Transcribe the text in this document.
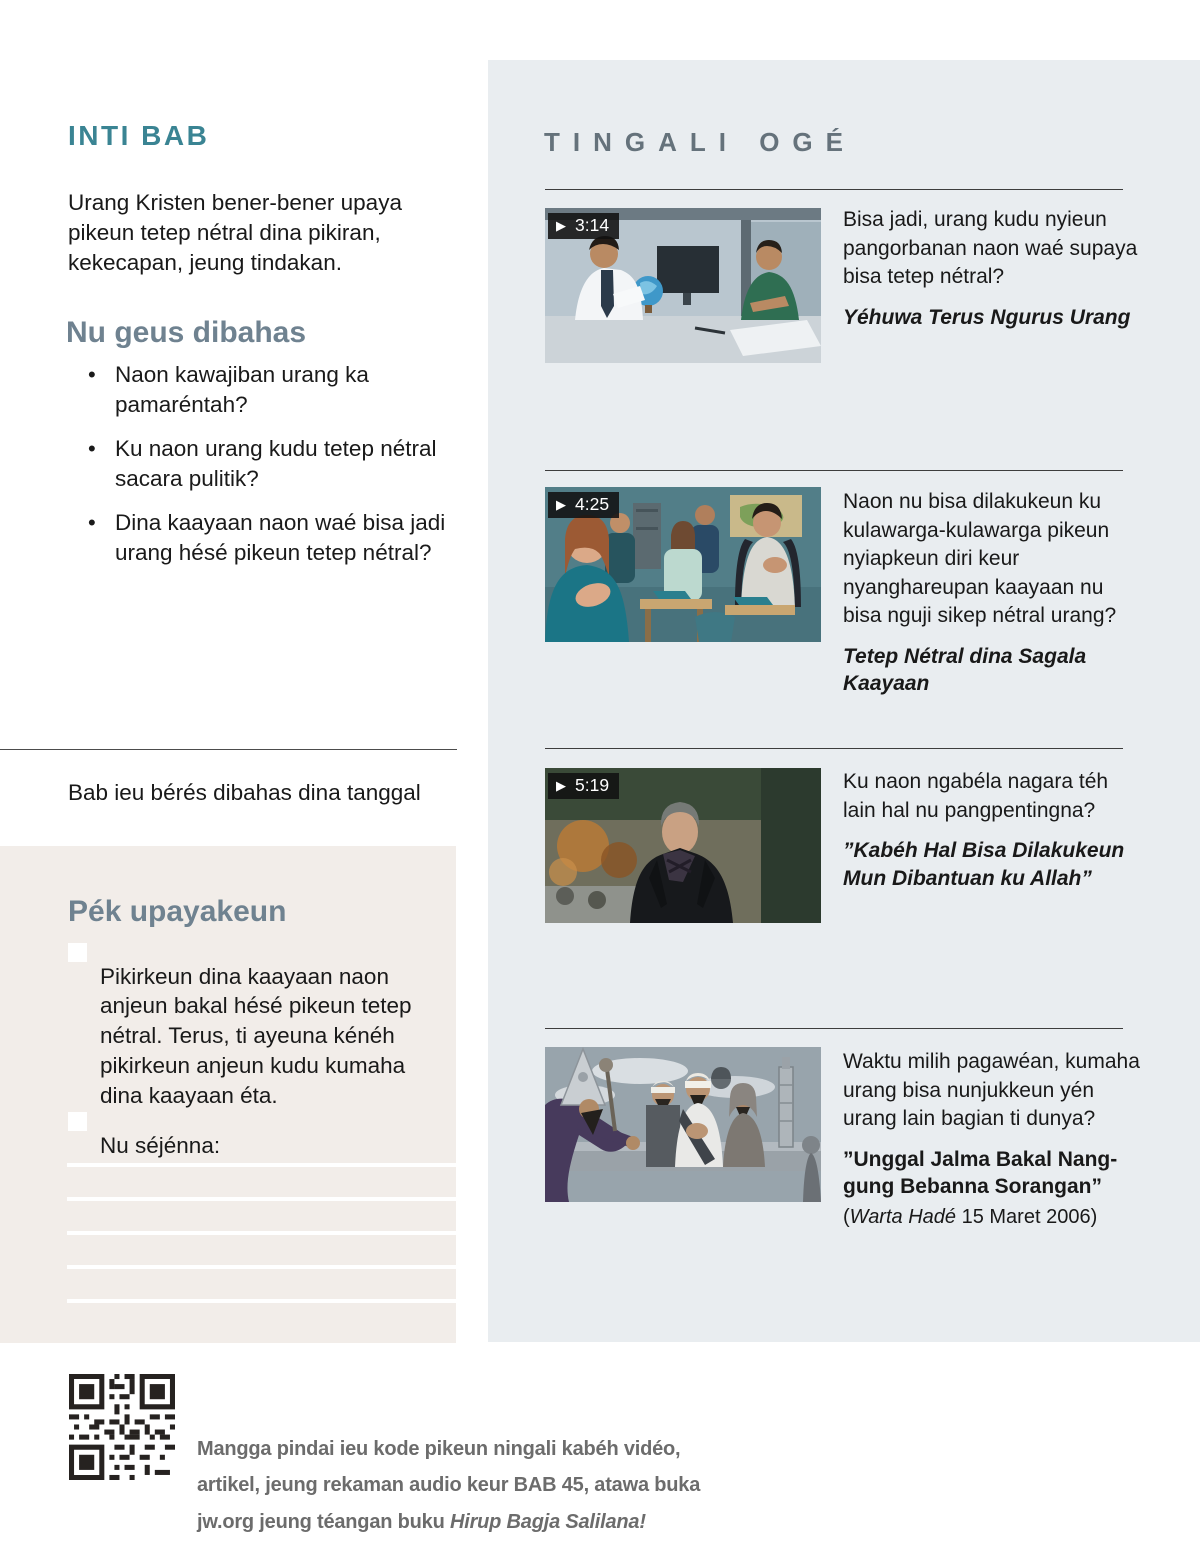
INTI BAB

Urang Kristen bener-bener upaya pikeun tetep nétral dina pikiran, kekecapan, jeung tindakan.

Nu geus dibahas
• Naon kawajiban urang ka pamaréntah?
• Ku naon urang kudu tetep nétral sacara pulitik?
• Dina kaayaan naon waé bisa jadi urang hésé pikeun tetep nétral?

Bab ieu bérés dibahas dina tanggal

Pék upayakeun

Pikirkeun dina kaayaan naon anjeun bakal hésé pikeun tetep nétral. Terus, ti ayeuna kénéh pikirkeun anjeun kudu kumaha dina kaayaan éta.

Nu séjénna:

TINGALI OGÉ
▶ 3:14	Bisa jadi, urang kudu nyieun pangorbanan naon waé supaya bisa tetep nétral?

Yéhuwa Terus Ngurus Urang

▶ 4:25	Naon nu bisa dilakukeun ku kulawarga-kulawarga pikeun nyiapkeun diri keur nyanghareupan kaayaan nu bisa nguji sikep nétral urang?

Tetep Nétral dina Sagala Kaayaan

▶ 5:19	Ku naon ngabéla nagara téh lain hal nu pangpentingna?

”Kabéh Hal Bisa Dilakukeun Mun Dibantuan ku Allah”

Waktu milih pagawéan, kumaha urang bisa nunjukkeun yén urang lain bagian ti dunya?

”Unggal Jalma Bakal Nanggung Bebanna Sorangan”

(Warta Hadé 15 Maret 2006)

Mangga pindai ieu kode pikeun ningali kabéh vidéo, artikel, jeung rekaman audio keur BAB 45, atawa buka jw.org jeung téangan buku Hirup Bagja Salilana!
